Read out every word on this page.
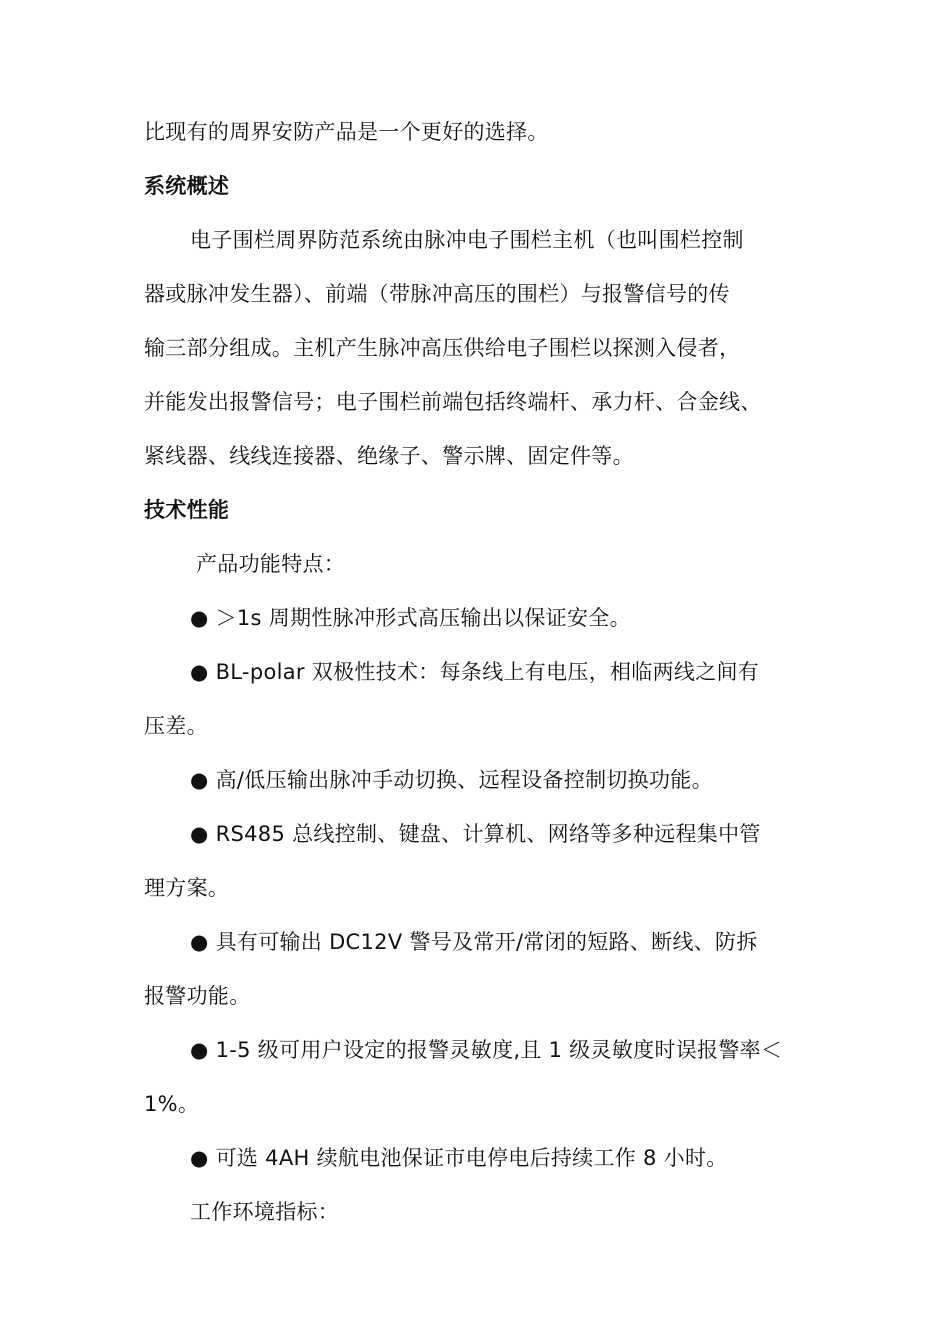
比现有的周界安防产品是一个更好的选择。
系统概述
电子围栏周界防范系统由脉冲电子围栏主机（也叫围栏控制
器或脉冲发生器）、前端（带脉冲高压的围栏）与报警信号的传
输三部分组成。主机产生脉冲高压供给电子围栏以探测入侵者，
并能发出报警信号；电子围栏前端包括终端杆、承力杆、合金线、
紧线器、线线连接器、绝缘子、警示牌、固定件等。
技术性能
产品功能特点：
● ＞1s 周期性脉冲形式高压输出以保证安全。
● BL-polar 双极性技术：每条线上有电压，相临两线之间有
压差。
● 高/低压输出脉冲手动切换、远程设备控制切换功能。
● RS485 总线控制、键盘、计算机、网络等多种远程集中管
理方案。
● 具有可输出 DC12V 警号及常开/常闭的短路、断线、防拆
报警功能。
● 1-5 级可用户设定的报警灵敏度,且 1 级灵敏度时误报警率＜
1%。
● 可选 4AH 续航电池保证市电停电后持续工作 8 小时。
工作环境指标：
